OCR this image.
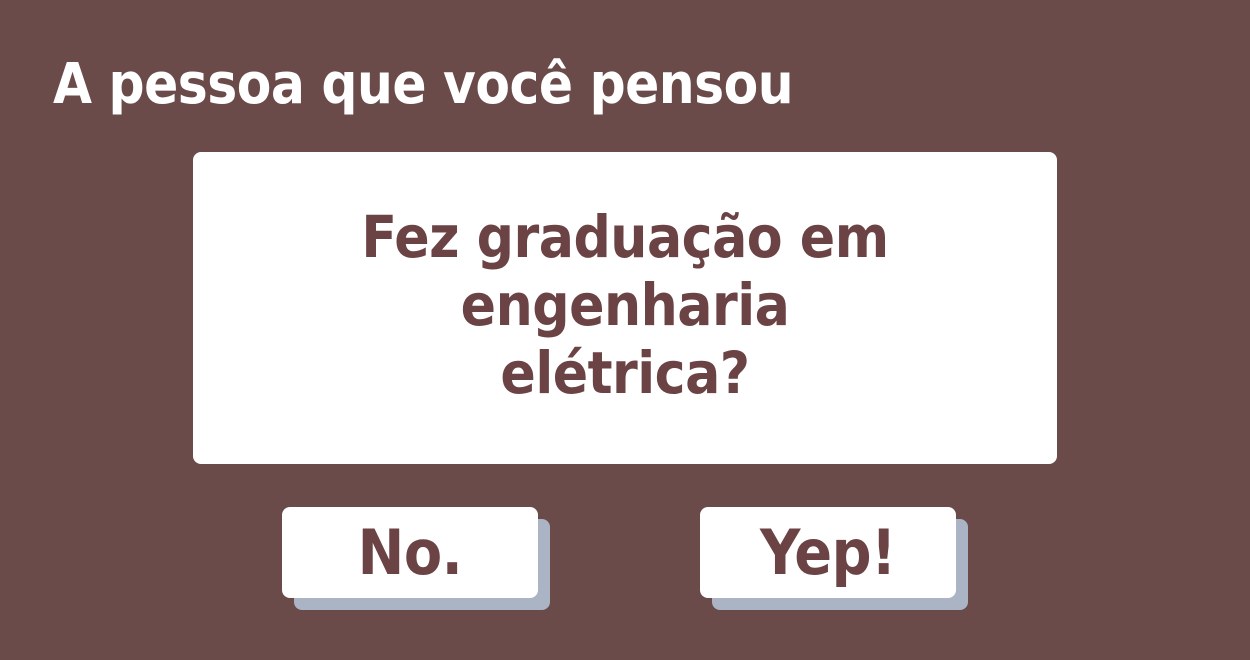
A pessoa que você pensou

Fez graduação em engenharia elétrica?

No.	Yep!
